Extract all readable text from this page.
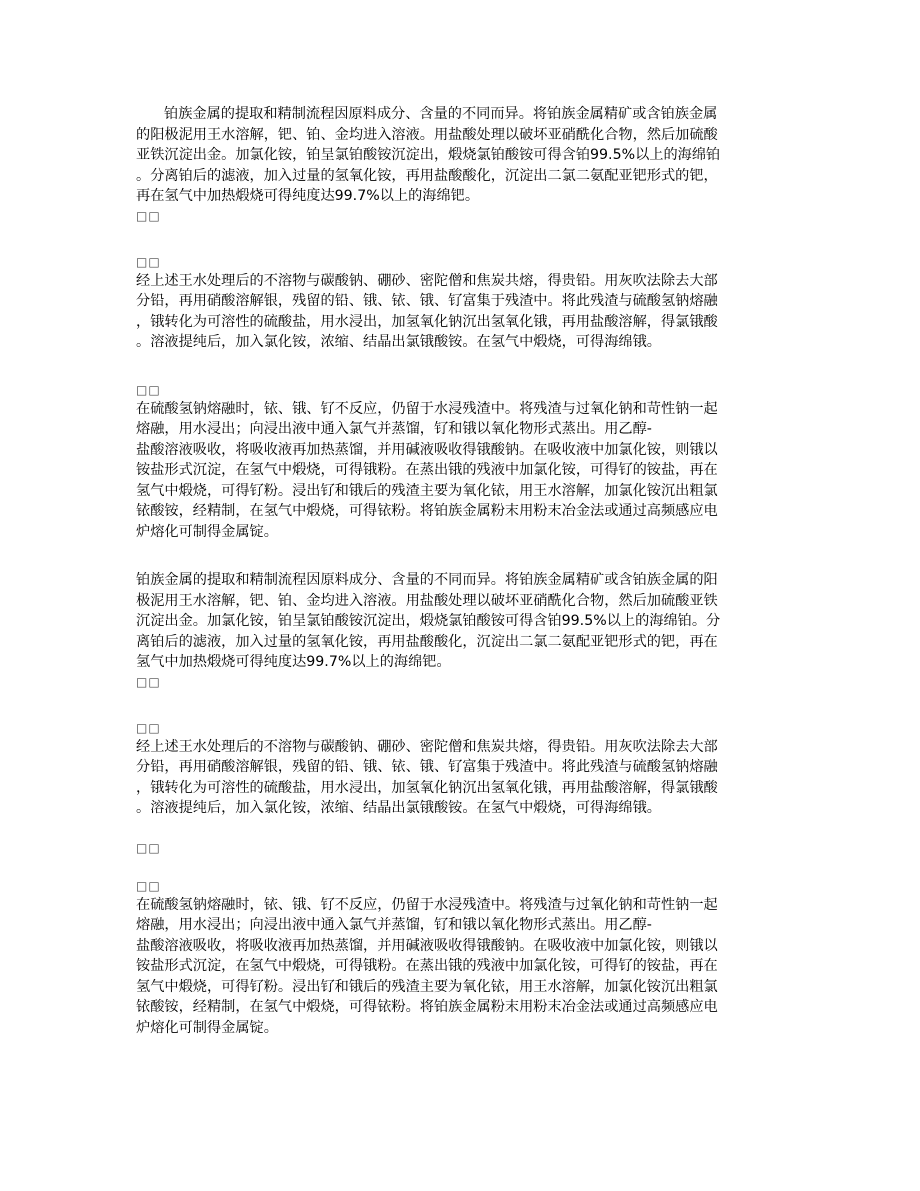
铂族金属的提取和精制流程因原料成分、含量的不同而异。将铂族金属精矿或含铂族金属
的阳极泥用王水溶解，钯、铂、金均进入溶液。用盐酸处理以破坏亚硝酰化合物，然后加硫酸
亚铁沉淀出金。加氯化铵，铂呈氯铂酸铵沉淀出，煅烧氯铂酸铵可得含铂99.5%以上的海绵铂
。分离铂后的滤液，加入过量的氢氧化铵，再用盐酸酸化，沉淀出二氯二氨配亚钯形式的钯，
再在氢气中加热煅烧可得纯度达99.7%以上的海绵钯。
□□
□□
经上述王水处理后的不溶物与碳酸钠、硼砂、密陀僧和焦炭共熔，得贵铅。用灰吹法除去大部
分铅，再用硝酸溶解银，残留的铅、锇、铱、锇、钌富集于残渣中。将此残渣与硫酸氢钠熔融
，锇转化为可溶性的硫酸盐，用水浸出，加氢氧化钠沉出氢氧化锇，再用盐酸溶解，得氯锇酸
。溶液提纯后，加入氯化铵，浓缩、结晶出氯锇酸铵。在氢气中煅烧，可得海绵锇。
□□
在硫酸氢钠熔融时，铱、锇、钌不反应，仍留于水浸残渣中。将残渣与过氧化钠和苛性钠一起
熔融，用水浸出；向浸出液中通入氯气并蒸馏，钌和锇以氧化物形式蒸出。用乙醇-
盐酸溶液吸收，将吸收液再加热蒸馏，并用碱液吸收得锇酸钠。在吸收液中加氯化铵，则锇以
铵盐形式沉淀，在氢气中煅烧，可得锇粉。在蒸出锇的残液中加氯化铵，可得钌的铵盐，再在
氢气中煅烧，可得钌粉。浸出钌和锇后的残渣主要为氧化铱，用王水溶解，加氯化铵沉出粗氯
铱酸铵，经精制，在氢气中煅烧，可得铱粉。将铂族金属粉末用粉末冶金法或通过高频感应电
炉熔化可制得金属锭。
铂族金属的提取和精制流程因原料成分、含量的不同而异。将铂族金属精矿或含铂族金属的阳
极泥用王水溶解，钯、铂、金均进入溶液。用盐酸处理以破坏亚硝酰化合物，然后加硫酸亚铁
沉淀出金。加氯化铵，铂呈氯铂酸铵沉淀出，煅烧氯铂酸铵可得含铂99.5%以上的海绵铂。分
离铂后的滤液，加入过量的氢氧化铵，再用盐酸酸化，沉淀出二氯二氨配亚钯形式的钯，再在
氢气中加热煅烧可得纯度达99.7%以上的海绵钯。
□□
□□
经上述王水处理后的不溶物与碳酸钠、硼砂、密陀僧和焦炭共熔，得贵铅。用灰吹法除去大部
分铅，再用硝酸溶解银，残留的铅、锇、铱、锇、钌富集于残渣中。将此残渣与硫酸氢钠熔融
，锇转化为可溶性的硫酸盐，用水浸出，加氢氧化钠沉出氢氧化锇，再用盐酸溶解，得氯锇酸
。溶液提纯后，加入氯化铵，浓缩、结晶出氯锇酸铵。在氢气中煅烧，可得海绵锇。
□□
□□
在硫酸氢钠熔融时，铱、锇、钌不反应，仍留于水浸残渣中。将残渣与过氧化钠和苛性钠一起
熔融，用水浸出；向浸出液中通入氯气并蒸馏，钌和锇以氧化物形式蒸出。用乙醇-
盐酸溶液吸收，将吸收液再加热蒸馏，并用碱液吸收得锇酸钠。在吸收液中加氯化铵，则锇以
铵盐形式沉淀，在氢气中煅烧，可得锇粉。在蒸出锇的残液中加氯化铵，可得钌的铵盐，再在
氢气中煅烧，可得钌粉。浸出钌和锇后的残渣主要为氧化铱，用王水溶解，加氯化铵沉出粗氯
铱酸铵，经精制，在氢气中煅烧，可得铱粉。将铂族金属粉末用粉末冶金法或通过高频感应电
炉熔化可制得金属锭。
